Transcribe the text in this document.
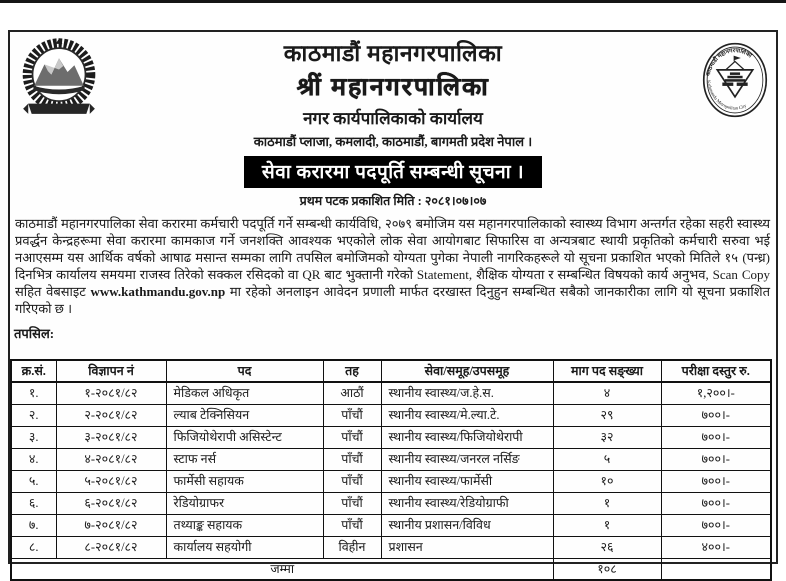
काठमाडौं महानगरपालिका
Kathmandu Metropolitan City
काठमाडौं महानगरपालिका
श्रीं महानगरपालिका
नगर कार्यपालिकाको कार्यालय
काठमाडौं प्लाजा, कमलादी, काठमाडौं, बागमती प्रदेश नेपाल ।
सेवा करारमा पदपूर्ति सम्बन्धी सूचना ।
प्रथम पटक प्रकाशित मिति : २०८१।०७।०७
काठमाडौं महानगरपालिका सेवा करारमा कर्मचारी पदपूर्ति गर्ने सम्बन्धी कार्यविधि, २०७९ बमोजिम यस महानगरपालिकाको स्वास्थ्य विभाग अन्तर्गत रहेका सहरी स्वास्थ्य प्रवर्द्धन केन्द्रहरूमा सेवा करारमा कामकाज गर्ने जनशक्ति आवश्यक भएकोले लोक सेवा आयोगबाट सिफारिस वा अन्यत्रबाट स्थायी प्रकृतिको कर्मचारी सरुवा भई नआएसम्म यस आर्थिक वर्षको आषाढ मसान्त सम्मका लागि तपसिल बमोजिमको योग्यता पुगेका नेपाली नागरिकहरूले यो सूचना प्रकाशित भएको मितिले १५ (पन्ध्र) दिनभित्र कार्यालय समयमा राजस्व तिरेको सक्कल रसिदको वा QR बाट भुक्तानी गरेको Statement, शैक्षिक योग्यता र सम्बन्धित विषयको कार्य अनुभव, Scan Copy सहित वेबसाइट www.kathmandu.gov.np मा रहेको अनलाइन आवेदन प्रणाली मार्फत दरखास्त दिनुहुन सम्बन्धित सबैको जानकारीका लागि यो सूचना प्रकाशित गरिएको छ ।
तपसिल:
क्र.सं.	विज्ञापन नं	पद	तह	सेवा/समूह/उपसमूह	माग पद सङ्ख्या	परीक्षा दस्तुर रु.
१.	१-२०८१/८२	मेडिकल अधिकृत	आठौं	स्थानीय स्वास्थ्य/ज.हे.स.	४	१,२००।-
२.	२-२०८१/८२	ल्याब टेक्निसियन	पाँचौं	स्थानीय स्वास्थ्य/मे.ल्या.टे.	२९	७००।-
३.	३-२०८१/८२	फिजियोथेरापी असिस्टेन्ट	पाँचौं	स्थानीय स्वास्थ्य/फिजियोथेरापी	३२	७००।-
४.	४-२०८१/८२	स्टाफ नर्स	पाँचौं	स्थानीय स्वास्थ्य/जनरल नर्सिङ	५	७००।-
५.	५-२०८१/८२	फार्मेसी सहायक	पाँचौं	स्थानीय स्वास्थ्य/फार्मेसी	१०	७००।-
६.	६-२०८१/८२	रेडियोग्राफर	पाँचौं	स्थानीय स्वास्थ्य/रेडियोग्राफी	१	७००।-
७.	७-२०८१/८२	तथ्याङ्क सहायक	पाँचौं	स्थानीय प्रशासन/विविध	१	७००।-
८.	८-२०८१/८२	कार्यालय सहयोगी	विहीन	प्रशासन	२६	४००।-
जम्मा					१०८	
